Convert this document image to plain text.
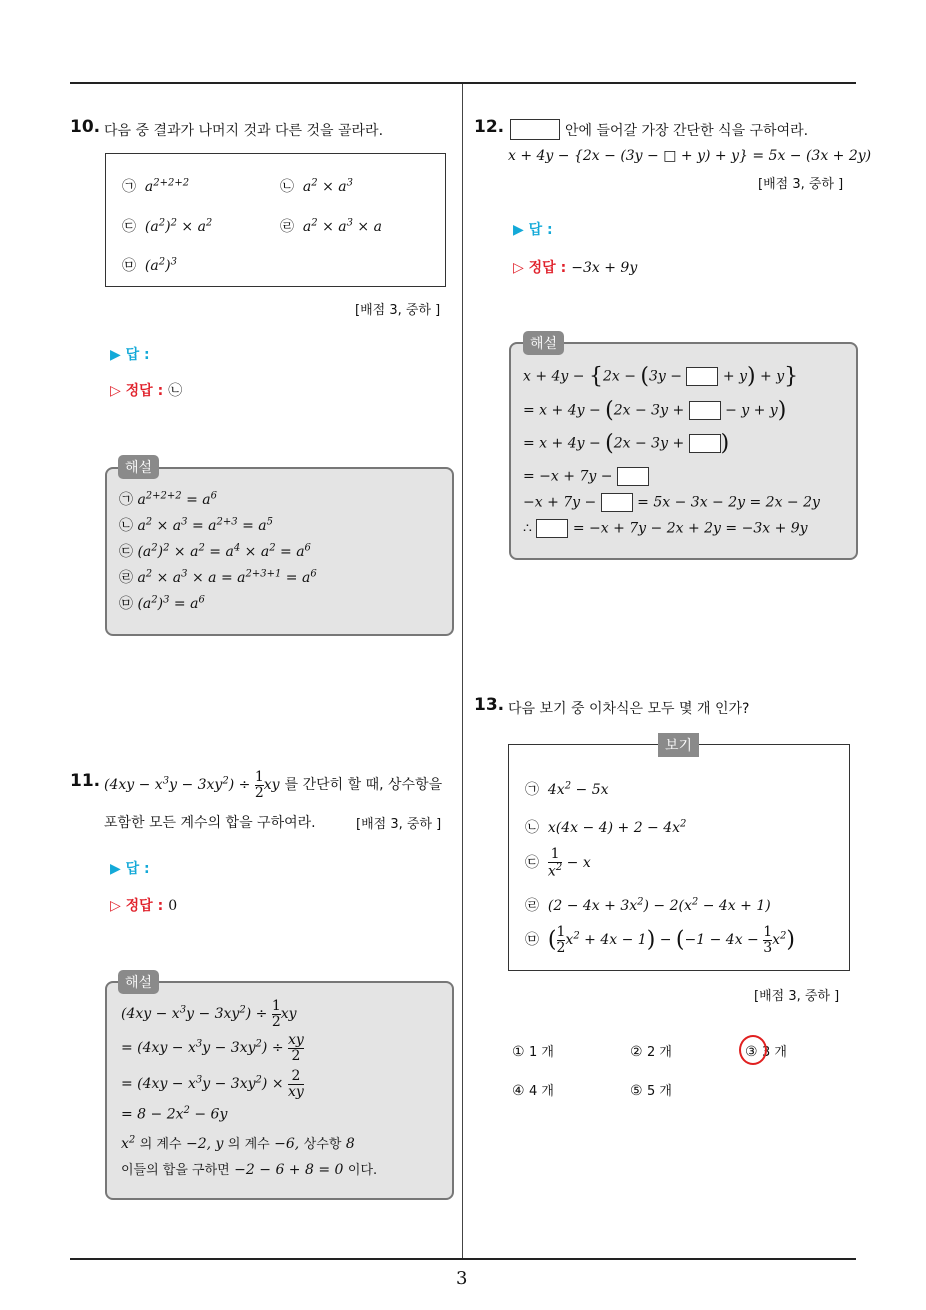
3
10. 다음 중 결과가 나머지 것과 다른 것을 골라라.
㉠  $a^{2+2+2}$	㉡  $a^2 \times a^3$
㉢  $(a^2)^2 \times a^2$	㉣  $a^2 \times a^3 \times a$
㉤  $(a^2)^3$
[배점 3, 중하 ]
▶ 답 :
▷ 정답 : ㉡
㉠ $a^{2+2+2} = a^6$
㉡ $a^2 \times a^3 = a^{2+3} = a^5$
㉢ $(a^2)^2 \times a^2 = a^4 \times a^2 = a^6$
㉣ $a^2 \times a^3 \times a = a^{2+3+1} = a^6$
㉤ $(a^2)^3 = a^6$
해설
11. $(4xy - x^3y - 3xy^2) \div \frac{1}{2}$ xy 를 간단히 할 때, 상수항을
포함한 모든 계수의 합을 구하여라.	[배점 3, 중하 ]
▶ 답 :
▷ 정답 : 0
$(4xy - x^3y - 3xy^2) \div \frac{1}{2}$ xy
= $(4xy - x^3y - 3xy^2) \div \frac{xy}{2}$
= $(4xy - x^3y - 3xy^2) \times \frac{2}{xy}$
= $8 - 2x^2 - 6y$
$x^2$ 의 계수 −2, y 의 계수 −6, 상수항 8
이들의 합을 구하면 −2 − 6 + 8 = 0 이다.
해설
12.	안에 들어갈 가장 간단한 식을 구하여라.
x + 4y − {2x − (3y − □ + y) + y} = 5x − (3x + 2y)
[배점 3, 중하 ]
▶ 답 :
▷ 정답 : −3x + 9y
x + 4y − {2x − (3y −  + y) + y}
= x + 4y − (2x − 3y +  − y + y)
= x + 4y − (2x − 3y + )
= −x + 7y −
−x + 7y −  = 5x − 3x − 2y = 2x − 2y
∴	= −x + 7y − 2x + 2y = −3x + 9y
해설
13. 다음 보기 중 이차식은 모두 몇 개 인가?
㉠  $4x^2 - 5x$
㉡  $x(4x - 4) + 2 - 4x^2$
㉢ $\frac{1}{x^2} - x$
㉣  $(2 - 4x + 3x^2) - 2(x^2 - 4x + 1)$
㉤ ( $\frac{1}{2} x^2 + 4x - 1) - (-1 - 4x - \frac{1}{3} x^2)$
보기
[배점 3, 중하 ]
① 1 개	② 2 개	③ 3 개
④ 4 개	⑤ 5 개
